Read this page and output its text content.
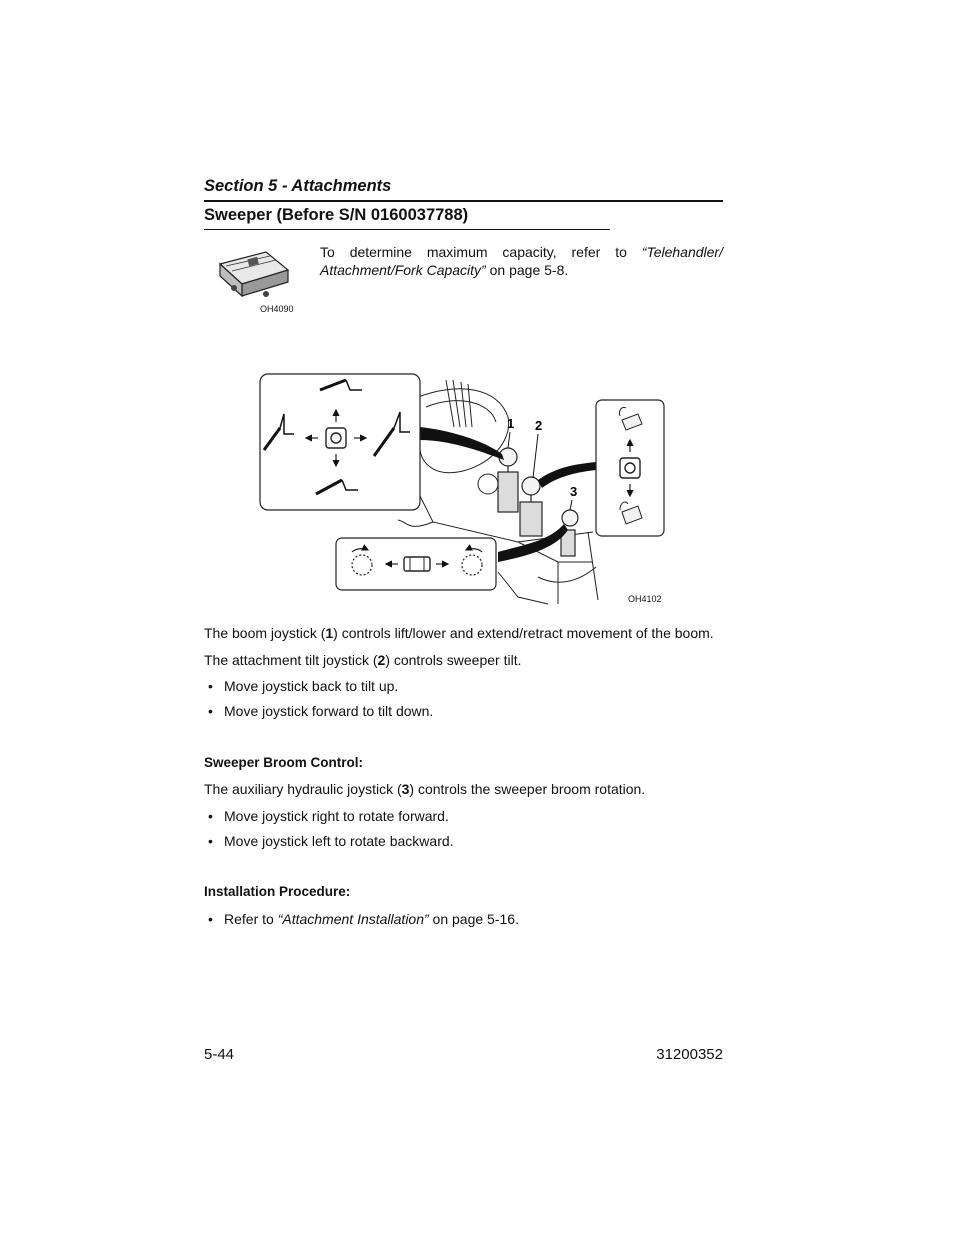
Section 5 - Attachments
Sweeper (Before S/N 0160037788)
OH4090
To determine maximum capacity, refer to “Telehandler/
Attachment/Fork Capacity” on page 5-8.
1 2
3
OH4102
The boom joystick (1) controls lift/lower and extend/retract movement of the boom.
The attachment tilt joystick (2) controls sweeper tilt.
• Move joystick back to tilt up.
• Move joystick forward to tilt down.
Sweeper Broom Control:
The auxiliary hydraulic joystick (3) controls the sweeper broom rotation.
• Move joystick right to rotate forward.
• Move joystick left to rotate backward.
Installation Procedure:
• Refer to “Attachment Installation” on page 5-16.
5-44	31200352
